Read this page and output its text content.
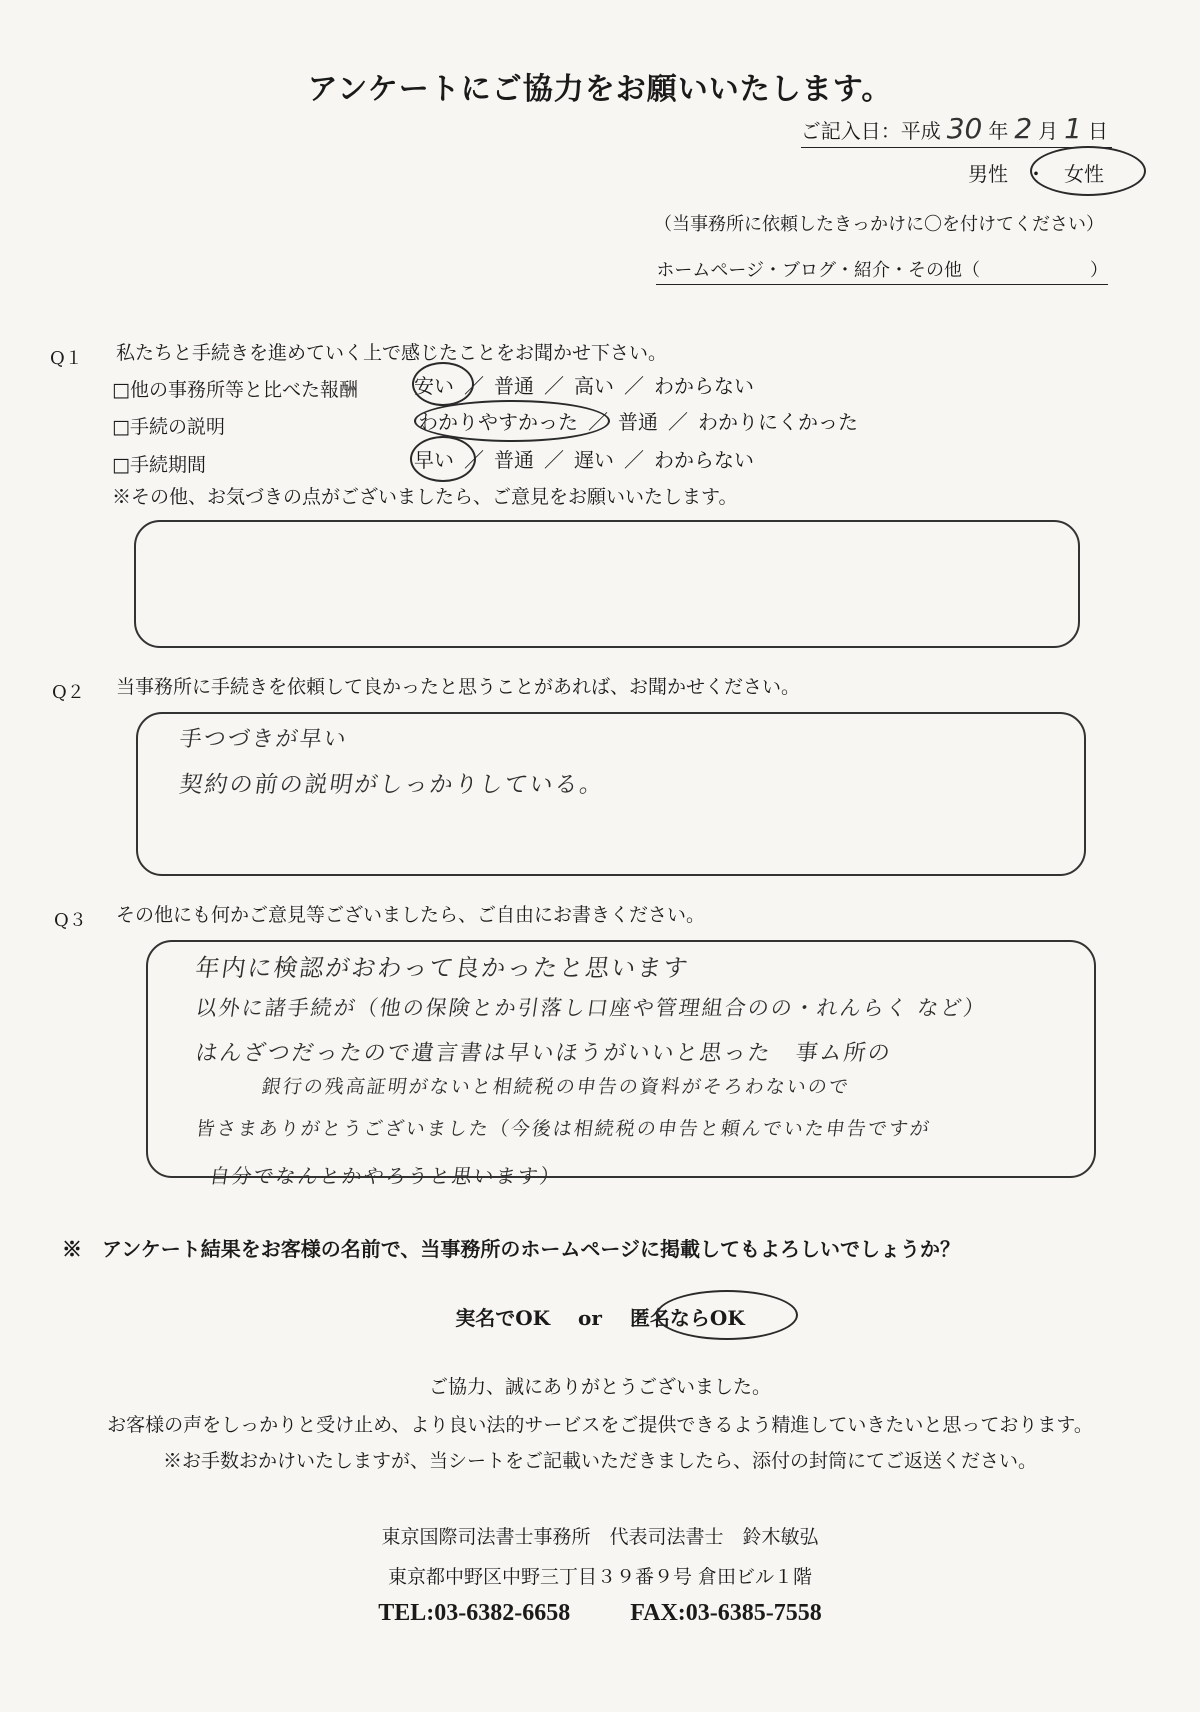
アンケートにご協力をお願いいたします。
ご記入日：平成 30 年 2 月 1 日
男性 ・ 女性
（当事務所に依頼したきっかけに〇を付けてください）
ホームページ・ブログ・紹介・その他（	）
Q１ 私たちと手続きを進めていく上で感じたことをお聞かせ下さい。
□他の事務所等と比べた報酬	安い ／ 普通 ／ 高い ／ わからない
□手続の説明	わかりやすかった ／ 普通 ／ わかりにくかった
□手続期間	早い ／ 普通 ／ 遅い ／ わからない
※その他、お気づきの点がございましたら、ご意見をお願いいたします。
Q２ 当事務所に手続きを依頼して良かったと思うことがあれば、お聞かせください。
手つづきが早い
契約の前の説明がしっかりしている。
Q３ その他にも何かご意見等ございましたら、ご自由にお書きください。
年内に検認がおわって良かったと思います
以外に諸手続が（他の保険とか引落し口座や管理組合のの・れんらく など）
はんざつだったので遺言書は早いほうがいいと思った　事ム所の
銀行の残高証明がないと相続税の申告の資料がそろわないので
皆さまありがとうございました（今後は相続税の申告と頼んでいた申告ですが
自分でなんとかやろうと思います）
※　アンケート結果をお客様の名前で、当事務所のホームページに掲載してもよろしいでしょうか？
実名でOK or 匿名ならOK
ご協力、誠にありがとうございました。
お客様の声をしっかりと受け止め、より良い法的サービスをご提供できるよう精進していきたいと思っております。
※お手数おかけいたしますが、当シートをご記載いただきましたら、添付の封筒にてご返送ください。
東京国際司法書士事務所　代表司法書士　鈴木敏弘
東京都中野区中野三丁目３９番９号 倉田ビル１階
TEL:03-6382-6658	FAX:03-6385-7558
